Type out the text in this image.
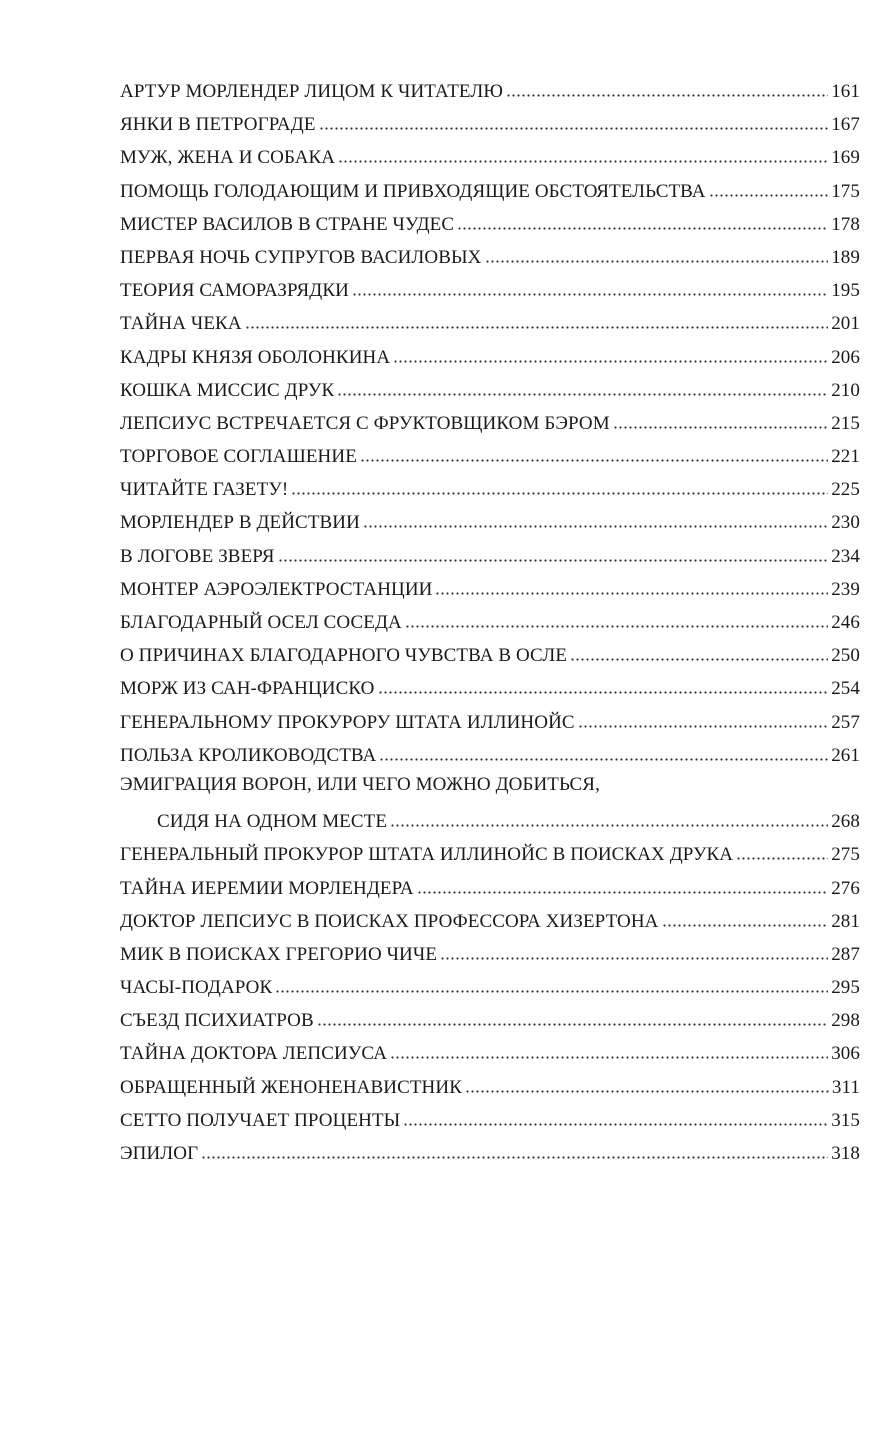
АРТУР МОРЛЕНДЕР ЛИЦОМ К ЧИТАТЕЛЮ	161
ЯНКИ В ПЕТРОГРАДЕ	167
МУЖ, ЖЕНА И СОБАКА	169
ПОМОЩЬ ГОЛОДАЮЩИМ И ПРИВХОДЯЩИЕ ОБСТОЯТЕЛЬСТВА	175
МИСТЕР ВАСИЛОВ В СТРАНЕ ЧУДЕС	178
ПЕРВАЯ НОЧЬ СУПРУГОВ ВАСИЛОВЫХ	189
ТЕОРИЯ САМОРАЗРЯДКИ	195
ТАЙНА ЧЕКА	201
КАДРЫ КНЯЗЯ ОБОЛОНКИНА	206
КОШКА МИССИС ДРУК	210
ЛЕПСИУС ВСТРЕЧАЕТСЯ С ФРУКТОВЩИКОМ БЭРОМ	215
ТОРГОВОЕ СОГЛАШЕНИЕ	221
ЧИТАЙТЕ ГАЗЕТУ!	225
МОРЛЕНДЕР В ДЕЙСТВИИ	230
В ЛОГОВЕ ЗВЕРЯ	234
МОНТЕР АЭРОЭЛЕКТРОСТАНЦИИ	239
БЛАГОДАРНЫЙ ОСЕЛ СОСЕДА	246
О ПРИЧИНАХ БЛАГОДАРНОГО ЧУВСТВА В ОСЛЕ	250
МОРЖ ИЗ САН-ФРАНЦИСКО	254
ГЕНЕРАЛЬНОМУ ПРОКУРОРУ ШТАТА ИЛЛИНОЙС	257
ПОЛЬЗА КРОЛИКОВОДСТВА	261
ЭМИГРАЦИЯ ВОРОН, ИЛИ ЧЕГО МОЖНО ДОБИТЬСЯ,
СИДЯ НА ОДНОМ МЕСТЕ	268
ГЕНЕРАЛЬНЫЙ ПРОКУРОР ШТАТА ИЛЛИНОЙС В ПОИСКАХ ДРУКА	275
ТАЙНА ИЕРЕМИИ МОРЛЕНДЕРА	276
ДОКТОР ЛЕПСИУС В ПОИСКАХ ПРОФЕССОРА ХИЗЕРТОНА	281
МИК В ПОИСКАХ ГРЕГОРИО ЧИЧЕ	287
ЧАСЫ-ПОДАРОК	295
СЪЕЗД ПСИХИАТРОВ	298
ТАЙНА ДОКТОРА ЛЕПСИУСА	306
ОБРАЩЕННЫЙ ЖЕНОНЕНАВИСТНИК	311
СЕТТО ПОЛУЧАЕТ ПРОЦЕНТЫ	315
ЭПИЛОГ	318
